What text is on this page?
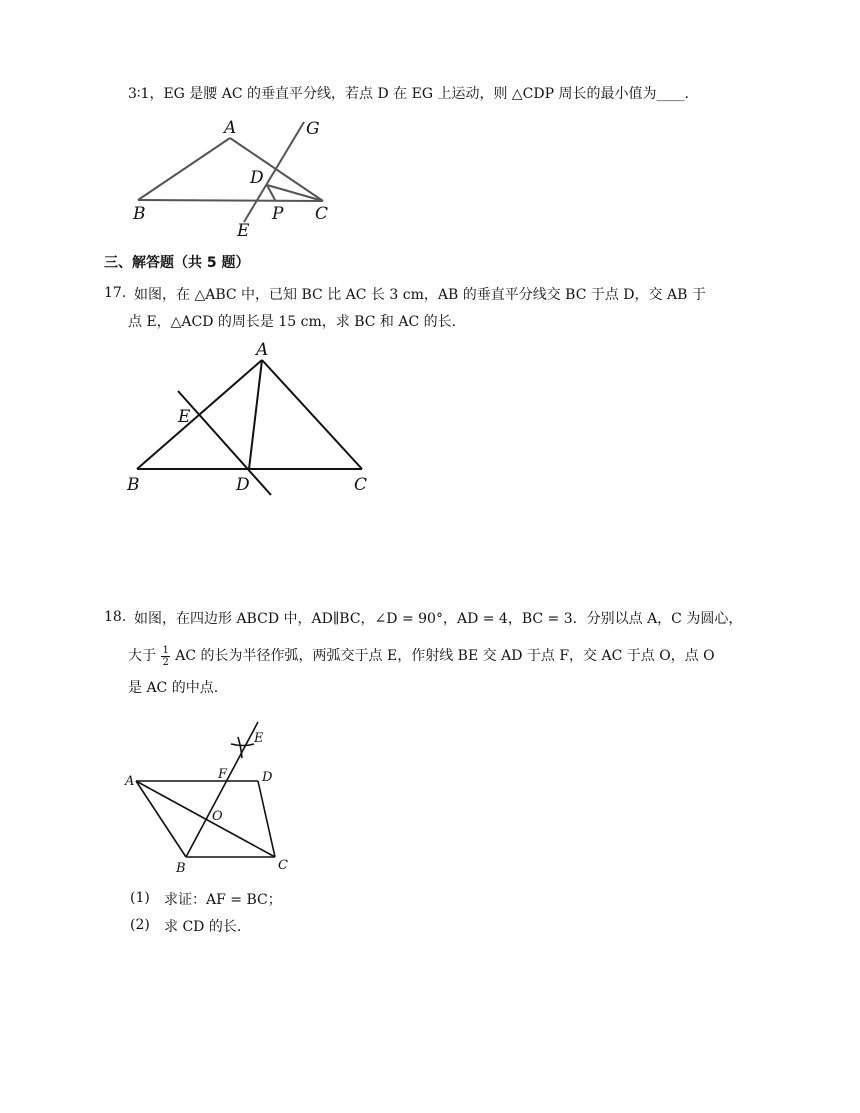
3∶1，EG 是腰 AC 的垂直平分线，若点 D 在 EG 上运动，则 △CDP 周长的最小值为____.
A	G
D
B	P C
E
三、解答题（共 5 题）
17. 如图，在 △ABC 中，已知 BC 比 AC 长 3 cm，AB 的垂直平分线交 BC 于点 D，交 AB 于
点 E，△ACD 的周长是 15 cm，求 BC 和 AC 的长.
A
E
B	D	C
18. 如图，在四边形 ABCD 中，AD∥BC，∠D = 90°，AD = 4，BC = 3．分别以点 A，C 为圆心，
大于 $\frac{1}{2}$ AC 的长为半径作弧，两弧交于点 E，作射线 BE 交 AD 于点 F，交 AC 于点 O，点 O
是 AC 的中点.
E
A	F	D
O
B	C
(1) 求证：AF = BC；
(2) 求 CD 的长.
